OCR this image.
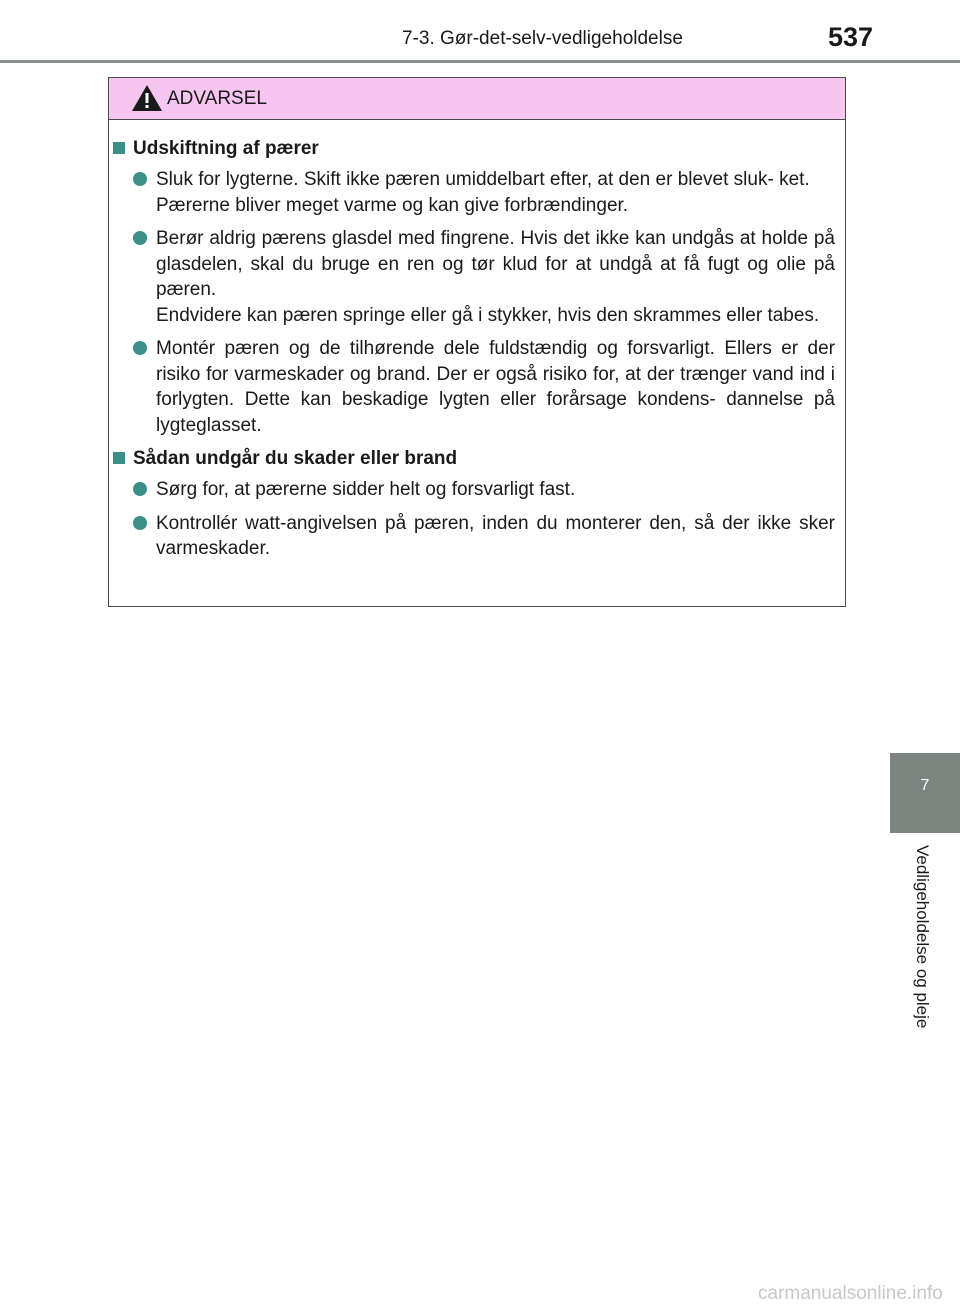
7-3. Gør-det-selv-vedligeholdelse	537
ADVARSEL
Udskiftning af pærer

Sluk for lygterne. Skift ikke pæren umiddelbart efter, at den er blevet sluk- ket.

Pærerne bliver meget varme og kan give forbrændinger.

Berør aldrig pærens glasdel med fingrene. Hvis det ikke kan undgås at holde på glasdelen, skal du bruge en ren og tør klud for at undgå at få fugt og olie på pæren.

Endvidere kan pæren springe eller gå i stykker, hvis den skrammes eller tabes.

Montér pæren og de tilhørende dele fuldstændig og forsvarligt. Ellers er der risiko for varmeskader og brand. Der er også risiko for, at der trænger vand ind i forlygten. Dette kan beskadige lygten eller forårsage kondens- dannelse på lygteglasset.

Sådan undgår du skader eller brand

Sørg for, at pærerne sidder helt og forsvarligt fast.

Kontrollér watt-angivelsen på pæren, inden du monterer den, så der ikke sker varmeskader.

7
Vedligeholdelse og pleje
carmanualsonline.info
